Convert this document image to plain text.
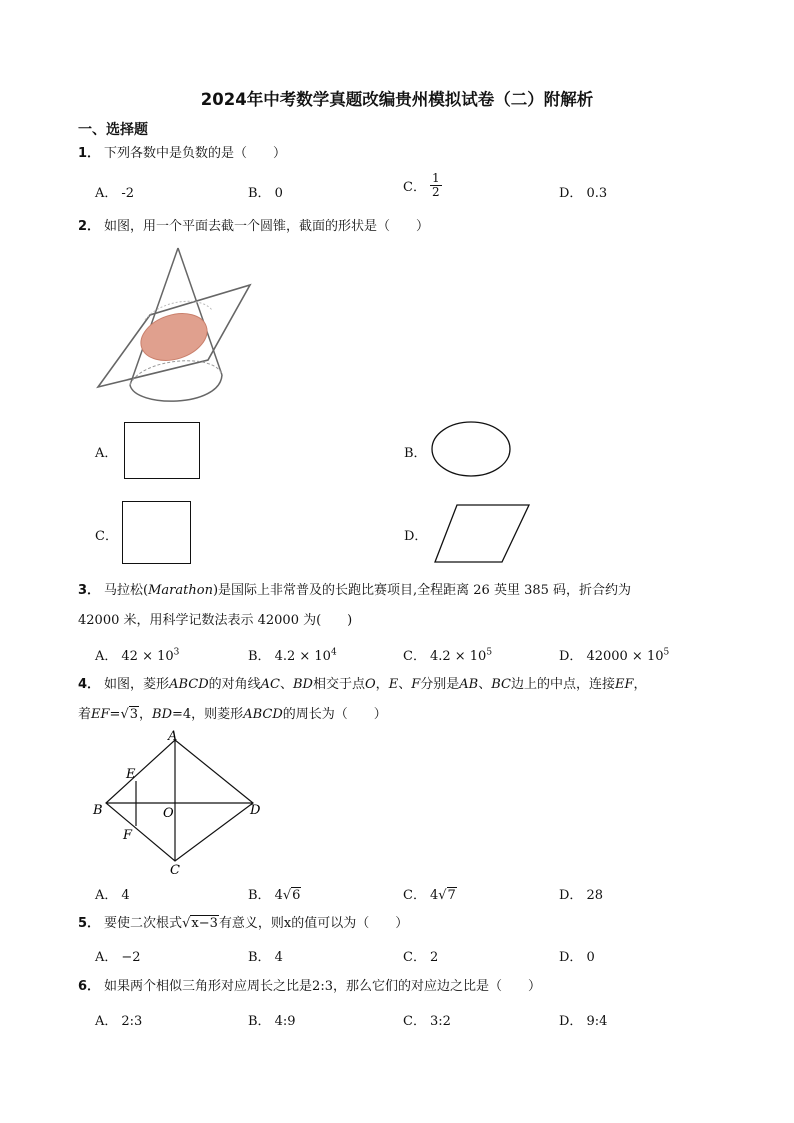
2024年中考数学真题改编贵州模拟试卷（二）附解析
一、选择题
1． 下列各数中是负数的是（　　）
A． -2	B． 0	C． $\frac{1}{2}$	D． 0.3
2． 如图，用一个平面去截一个圆锥，截面的形状是（　　）
A．	B．
C．	D．
3． 马拉松(Marathon)是国际上非常普及的长跑比赛项目,全程距离 26 英里 385 码，折合约为
42000 米，用科学记数法表示 42000 为(　　)
A． $42 \times 10^3$	B． $4.2 \times 10^4$	C． $4.2 \times 10^5$	D． $42000 \times 10^5$
4． 如图，菱形ABCD的对角线AC、BD相交于点O，E、F分别是AB、BC边上的中点，连接EF，
着EF=√3，BD=4，则菱形ABCD的周长为（　　）
A
B
C
D
E
F
O
A． 4	B． 4√6	C． 4√7	D． 28
5． 要使二次根式√x−3有意义，则x的值可以为（　　）
A． −2	B． 4	C． 2	D． 0
6． 如果两个相似三角形对应周长之比是2:3，那么它们的对应边之比是（　　）
A． 2:3	B． 4:9	C． 3:2	D． 9:4
